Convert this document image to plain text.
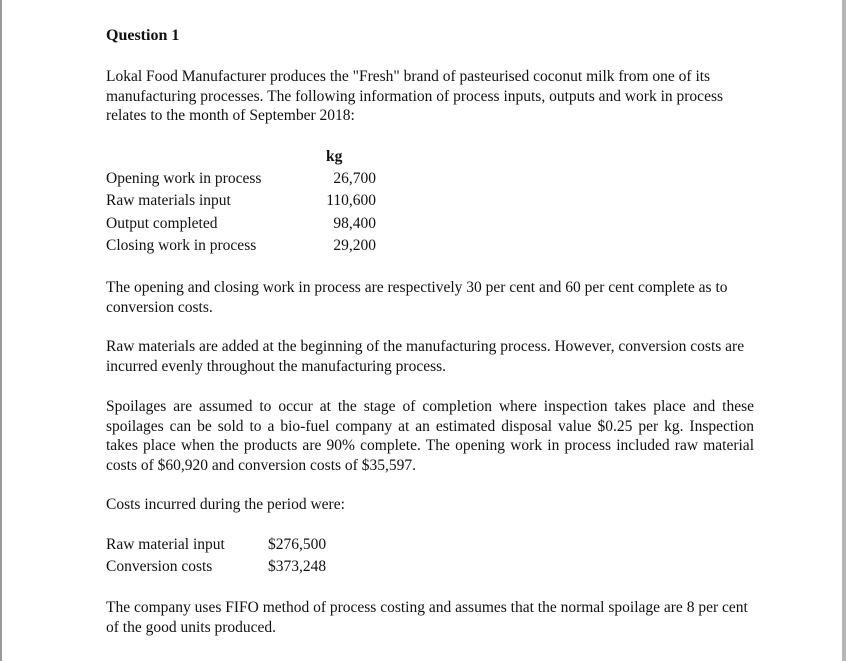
Question 1

Lokal Food Manufacturer produces the "Fresh" brand of pasteurised coconut milk from one of its manufacturing processes. The following information of process inputs, outputs and work in process relates to the month of September 2018:

kg
Opening work in process	26,700
Raw materials input	110,600
Output completed	98,400
Closing work in process	29,200

The opening and closing work in process are respectively 30 per cent and 60 per cent complete as to conversion costs.

Raw materials are added at the beginning of the manufacturing process. However, conversion costs are incurred evenly throughout the manufacturing process.

Spoilages are assumed to occur at the stage of completion where inspection takes place and these spoilages can be sold to a bio-fuel company at an estimated disposal value $0.25 per kg. Inspection takes place when the products are 90% complete. The opening work in process included raw material costs of $60,920 and conversion costs of $35,597.

Costs incurred during the period were:

Raw material input	$276,500
Conversion costs	$373,248

The company uses FIFO method of process costing and assumes that the normal spoilage are 8 per cent of the good units produced.
